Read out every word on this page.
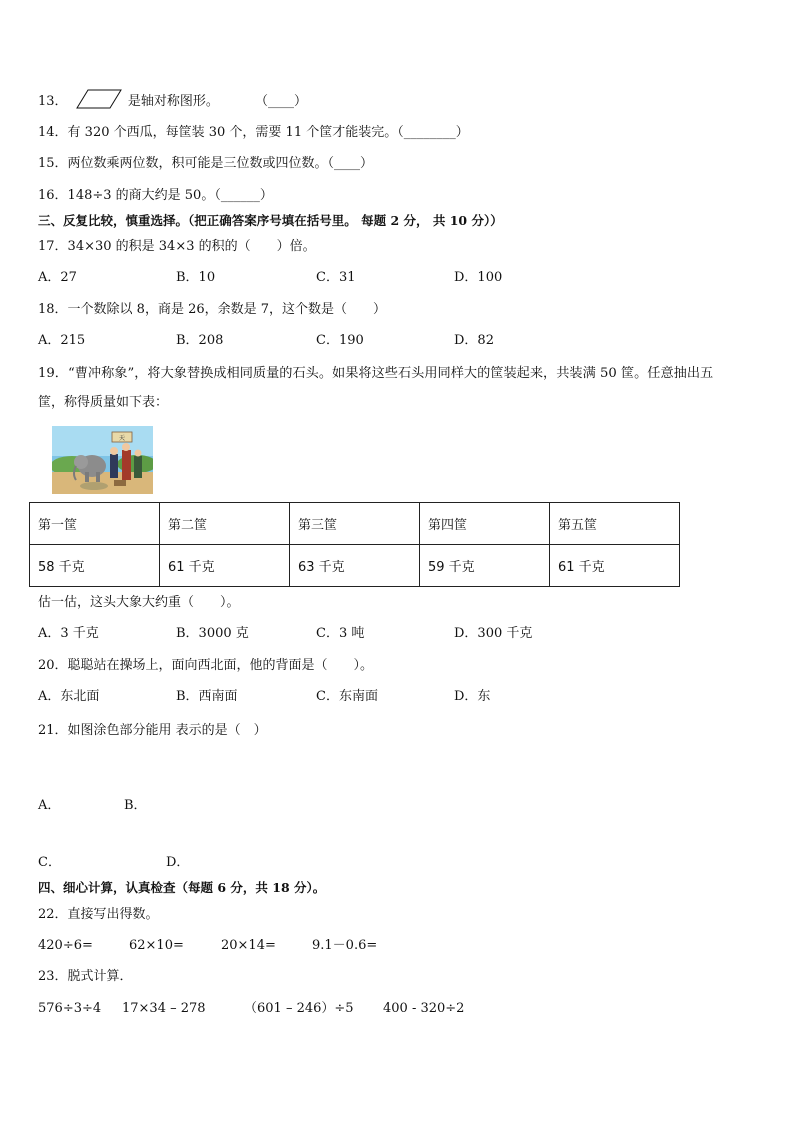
13．	是轴对称图形。	（____）
14．有 320 个西瓜，每筐装 30 个，需要 11 个筐才能装完。（________）
15．两位数乘两位数，积可能是三位数或四位数。（____）
16．148÷3 的商大约是 50。（______）
三、反复比较，慎重选择。（把正确答案序号填在括号里。 每题 2 分， 共 10 分））
17．34×30 的积是 34×3 的积的（　　）倍。
A．27	B．10	C．31	D．100
18．一个数除以 8，商是 26，余数是 7，这个数是（　　）
A．215	B．208	C．190	D．82
19．“曹冲称象”，将大象替换成相同质量的石头。如果将这些石头用同样大的筐装起来，共装满 50 筐。任意抽出五
筐，称得质量如下表：
天
第一筐	第二筐	第三筐	第四筐	第五筐
58 千克	61 千克	63 千克	59 千克	61 千克
估一估，这头大象大约重（　　）。
A．3 千克	B．3000 克	C．3 吨	D．300 千克
20．聪聪站在操场上，面向西北面，他的背面是（　　）。
A．东北面	B．西南面	C．东南面	D．东
21．如图涂色部分能用 表示的是（　）
A．	B．
C．	D．
四、细心计算，认真检查（每题 6 分，共 18 分）。
22．直接写出得数。
420÷6=	62×10=	20×14=	9.1－0.6=
23．脱式计算．
576÷3÷4 17×34 – 278	（601 – 246）÷5 400 - 320÷2
